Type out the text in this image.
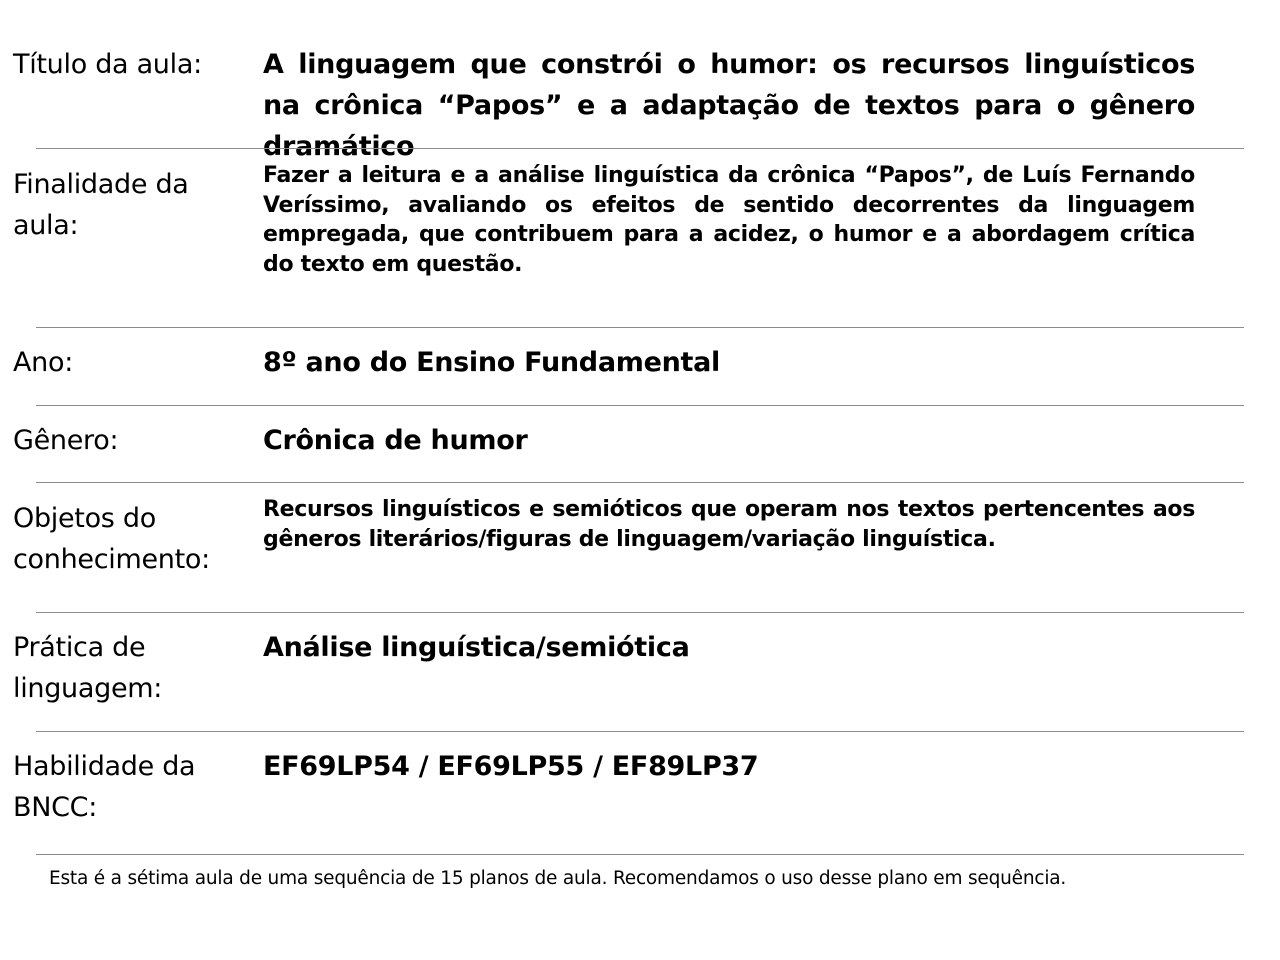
Título da aula:	A linguagem que constrói o humor: os recursos linguísticos na crônica “Papos” e a adaptação de textos para o gênero dramático
Finalidade da aula:
Fazer a leitura e a análise linguística da crônica “Papos”, de Luís Fernando Veríssimo, avaliando os efeitos de sentido decorrentes da linguagem empregada, que contribuem para a acidez, o humor e a abordagem crítica do texto em questão.
Ano:	8º ano do Ensino Fundamental
Gênero:	Crônica de humor
Objetos do conhecimento:
Recursos linguísticos e semióticos que operam nos textos pertencentes aos gêneros literários/figuras de linguagem/variação linguística.
Prática de linguagem:
Análise linguística/semiótica
Habilidade da BNCC:
EF69LP54 / EF69LP55 / EF89LP37
Esta é a sétima aula de uma sequência de 15 planos de aula. Recomendamos o uso desse plano em sequência.
